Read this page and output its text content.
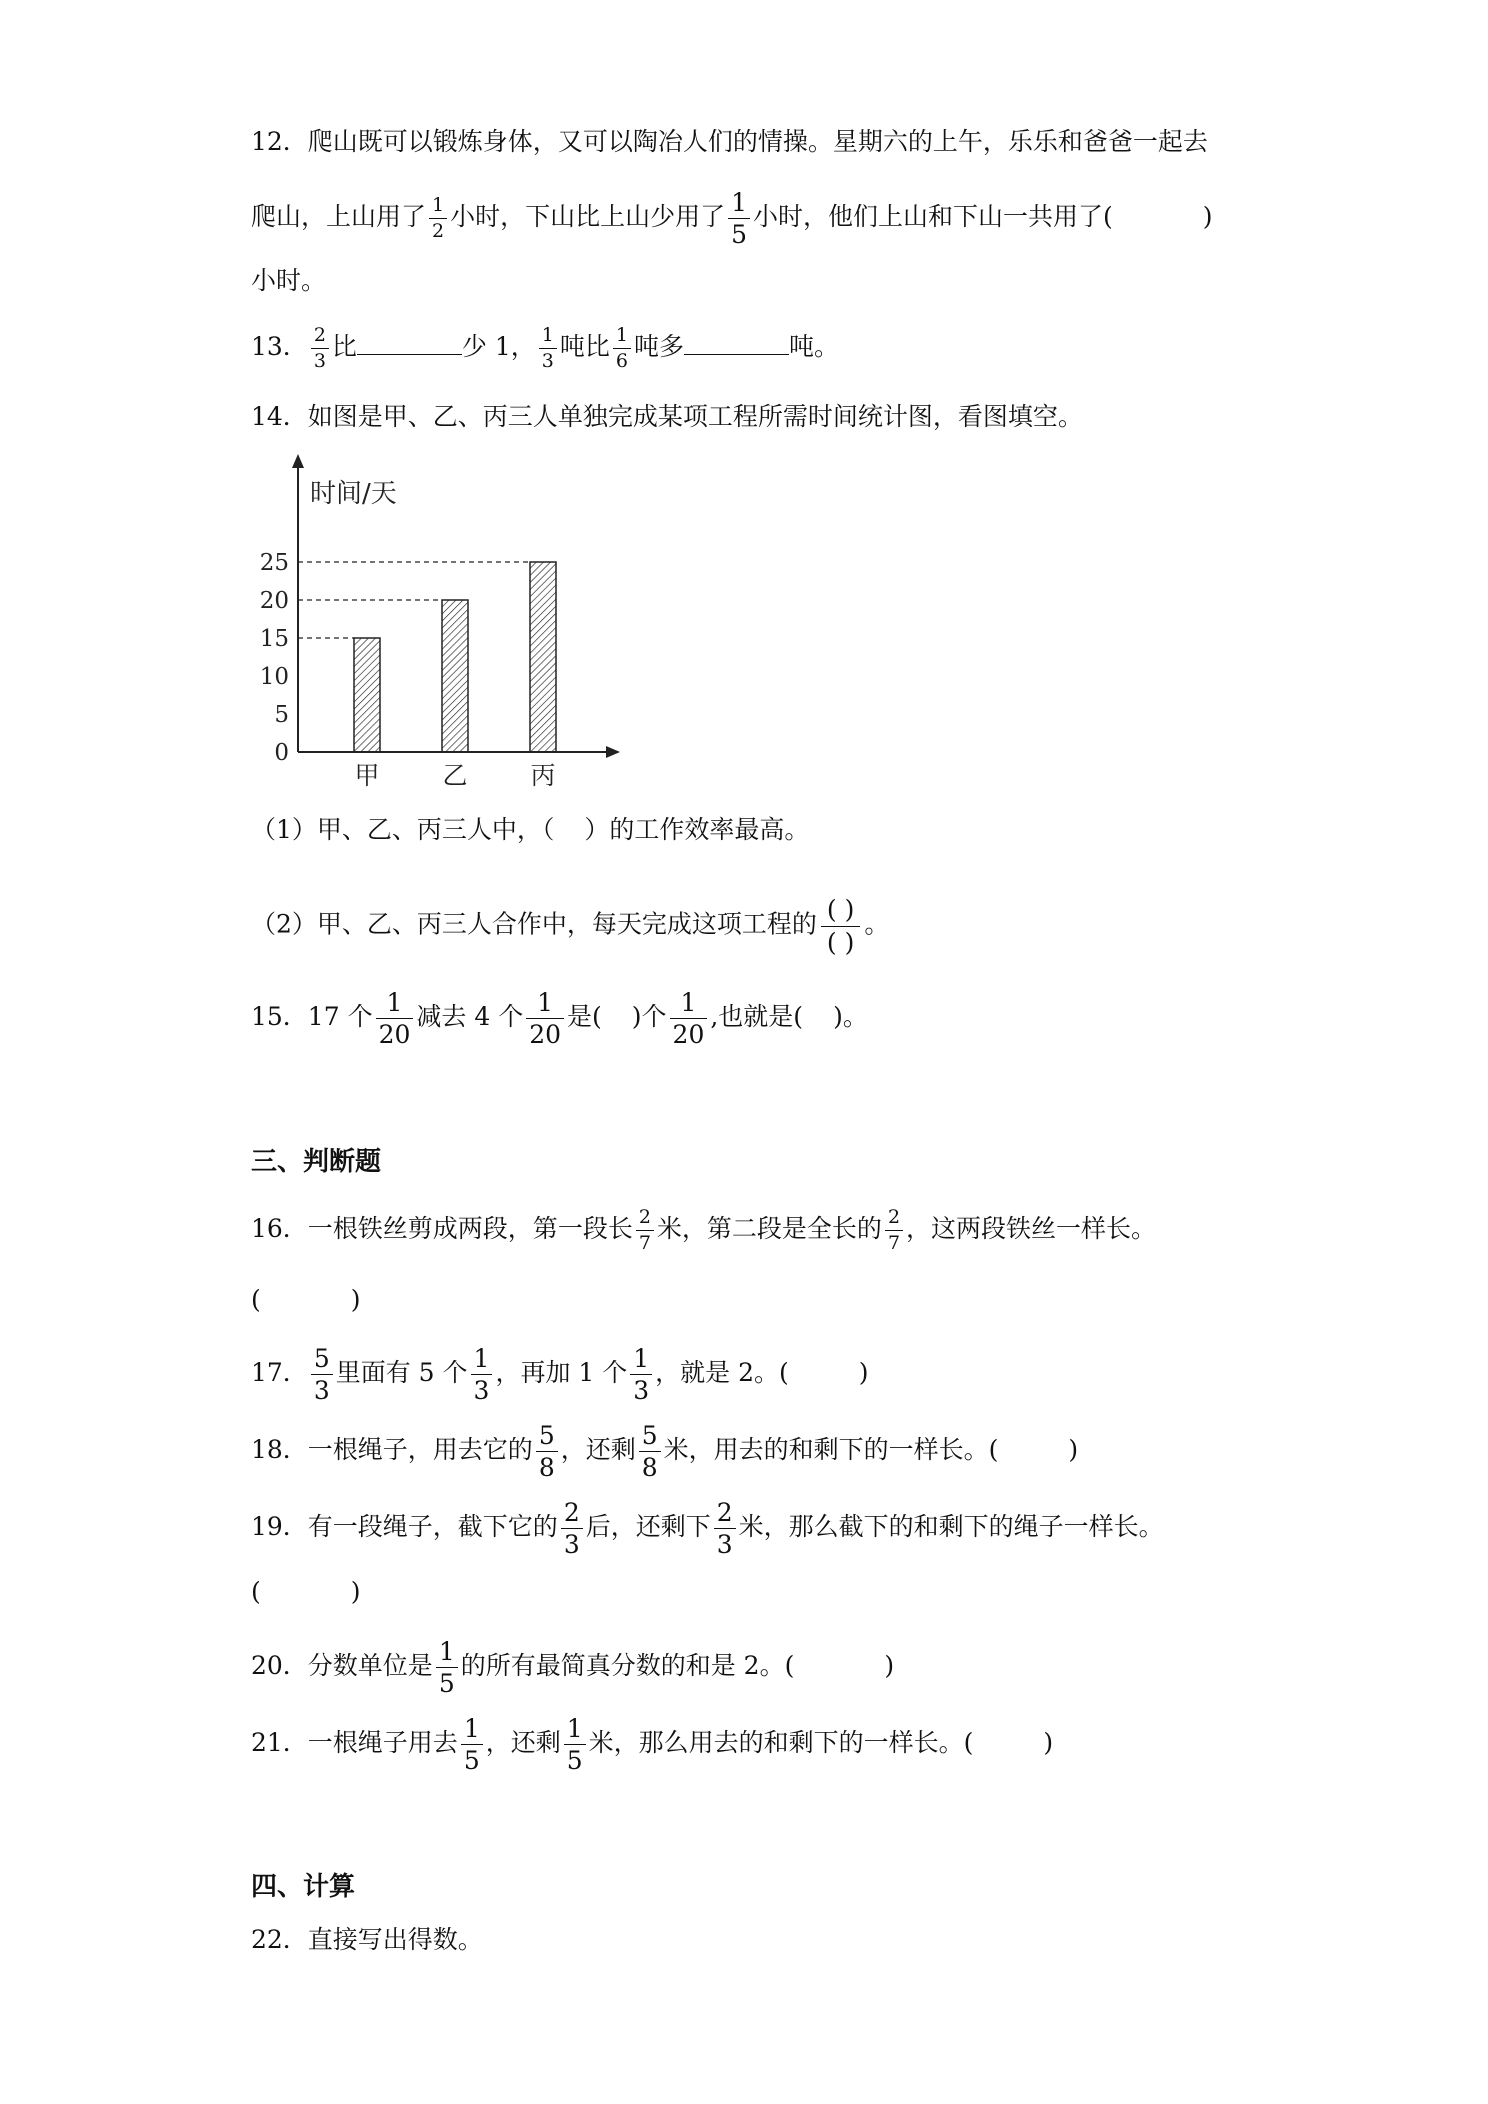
12．爬山既可以锻炼身体，又可以陶冶人们的情操。星期六的上午，乐乐和爸爸一起去
爬山，上山用了 $\frac{1}{2}$ 小时，下山比上山少用了 $\frac{1}{5}$ 小时，他们上山和下山一共用了(	)
小时。
13． $\frac{2}{3}$ 比	少 1， $\frac{1}{3}$ 吨比 $\frac{1}{6}$ 吨多	吨。
14．如图是甲、乙、丙三人单独完成某项工程所需时间统计图，看图填空。
时间/天
0
5
10
15
20
25
甲	乙	丙
（1）甲、乙、丙三人中，（ ）的工作效率最高。
（2）甲、乙、丙三人合作中，每天完成这项工程的 $\frac{( )}{( )}$ 。
15．17 个 $\frac{1}{20}$ 减去 4 个 $\frac{1}{20}$ 是( )个 $\frac{1}{20}$ ,也就是( )。
三、判断题
16．一根铁丝剪成两段，第一段长 $\frac{2}{7}$ 米，第二段是全长的 $\frac{2}{7}$ ，这两段铁丝一样长。
(	)
17． $\frac{5}{3}$ 里面有 5 个 $\frac{1}{3}$ ，再加 1 个 $\frac{1}{3}$ ，就是 2。(	)
18．一根绳子，用去它的 $\frac{5}{8}$ ，还剩 $\frac{5}{8}$ 米，用去的和剩下的一样长。(	)
19．有一段绳子，截下它的 $\frac{2}{3}$ 后，还剩下 $\frac{2}{3}$ 米，那么截下的和剩下的绳子一样长。
(	)
20．分数单位是 $\frac{1}{5}$ 的所有最简真分数的和是 2。(	)
21．一根绳子用去 $\frac{1}{5}$ ，还剩 $\frac{1}{5}$ 米，那么用去的和剩下的一样长。(	)
四、计算
22．直接写出得数。
